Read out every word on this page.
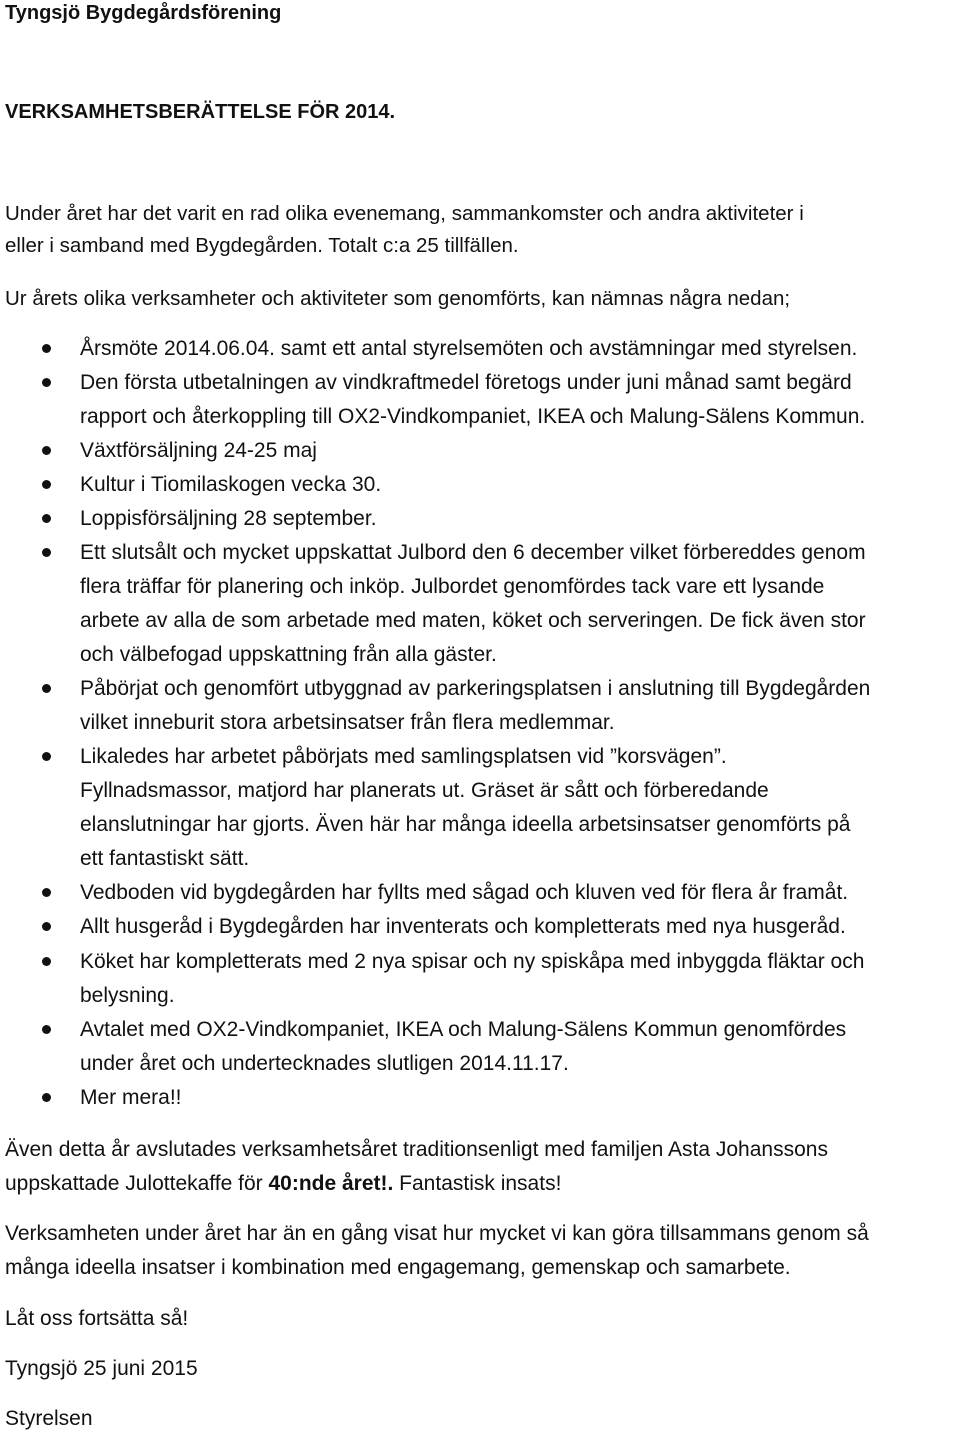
Tyngsjö Bygdegårdsförening
VERKSAMHETSBERÄTTELSE FÖR 2014.
Under året har det varit en rad olika evenemang, sammankomster och andra aktiviteter i
eller i samband med Bygdegården. Totalt c:a 25 tillfällen.
Ur årets olika verksamheter och aktiviteter som genomförts, kan nämnas några nedan;
Årsmöte 2014.06.04. samt ett antal styrelsemöten och avstämningar med styrelsen.
Den första utbetalningen av vindkraftmedel företogs under juni månad samt begärd
rapport och återkoppling till OX2-Vindkompaniet, IKEA och Malung-Sälens Kommun.
Växtförsäljning 24-25 maj
Kultur i Tiomilaskogen vecka 30.
Loppisförsäljning 28 september.
Ett slutsålt och mycket uppskattat Julbord den 6 december vilket förbereddes genom
flera träffar för planering och inköp. Julbordet genomfördes tack vare ett lysande
arbete av alla de som arbetade med maten, köket och serveringen. De fick även stor
och välbefogad uppskattning från alla gäster.
Påbörjat och genomfört utbyggnad av parkeringsplatsen i anslutning till Bygdegården
vilket inneburit stora arbetsinsatser från flera medlemmar.
Likaledes har arbetet påbörjats med samlingsplatsen vid ”korsvägen”.
Fyllnadsmassor, matjord har planerats ut. Gräset är sått och förberedande
elanslutningar har gjorts. Även här har många ideella arbetsinsatser genomförts på
ett fantastiskt sätt.
Vedboden vid bygdegården har fyllts med sågad och kluven ved för flera år framåt.
Allt husgeråd i Bygdegården har inventerats och kompletterats med nya husgeråd.
Köket har kompletterats med 2 nya spisar och ny spiskåpa med inbyggda fläktar och
belysning.
Avtalet med OX2-Vindkompaniet, IKEA och Malung-Sälens Kommun genomfördes
under året och undertecknades slutligen 2014.11.17.
Mer mera!!
Även detta år avslutades verksamhetsåret traditionsenligt med familjen Asta Johanssons
uppskattade Julottekaffe för 40:nde året!. Fantastisk insats!
Verksamheten under året har än en gång visat hur mycket vi kan göra tillsammans genom så
många ideella insatser i kombination med engagemang, gemenskap och samarbete.
Låt oss fortsätta så!
Tyngsjö 25 juni 2015
Styrelsen
